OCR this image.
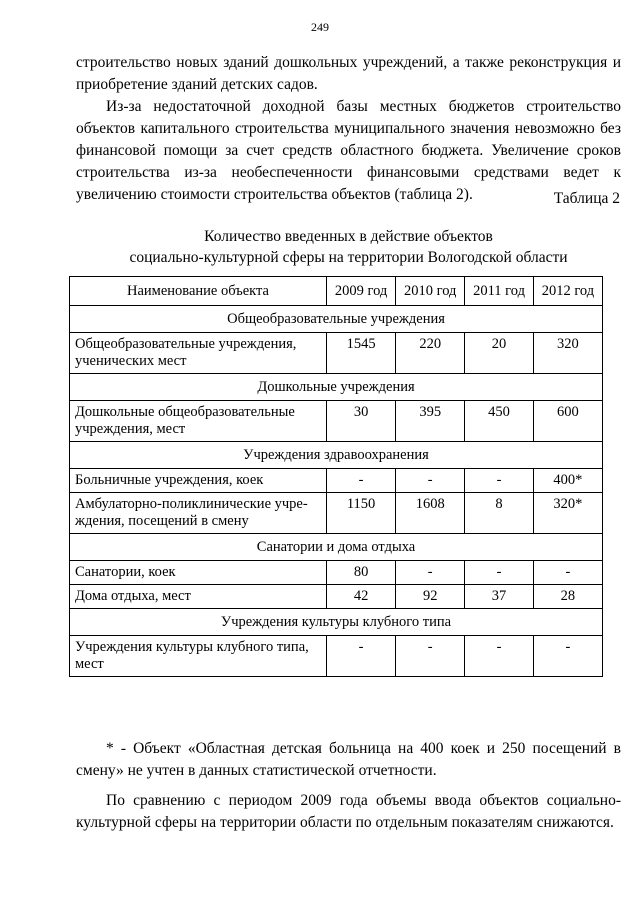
249

строительство новых зданий дошкольных учреждений, а также реконструкция и приобретение зданий детских садов.

Из-за недостаточной доходной базы местных бюджетов строительство объектов капитального строительства муниципального значения невозможно без финансовой помощи за счет средств областного бюджета. Увеличение сроков строительства из-за необеспеченности финансовыми средствами ведет к увеличению стоимости строительства объектов (таблица 2).	Таблица 2
Количество введенных в действие объектов
социально-культурной сферы на территории Вологодской области
Наименование объекта	2009 год	2010 год	2011 год	2012 год
Общеобразовательные учреждения				
Общеобразовательные учреждения, ученических мест	1545	220	20	320
Дошкольные учреждения				
Дошкольные общеобразовательные учреждения, мест	30	395	450	600
Учреждения здравоохранения				
Больничные учреждения, коек	-	-	-	400*
Амбулаторно-поликлинические учре-ждения, посещений в смену	1150	1608	8	320*
Санатории и дома отдыха				
Санатории, коек	80	-	-	-
Дома отдыха, мест	42	92	37	28
Учреждения культуры клубного типа				
Учреждения культуры клубного типа, мест	-	-	-	-

* - Объект «Областная детская больница на 400 коек и 250 посещений в смену» не учтен в данных статистической отчетности.

По сравнению с периодом 2009 года объемы ввода объектов социально-культурной сферы на территории области по отдельным показателям снижаются.
